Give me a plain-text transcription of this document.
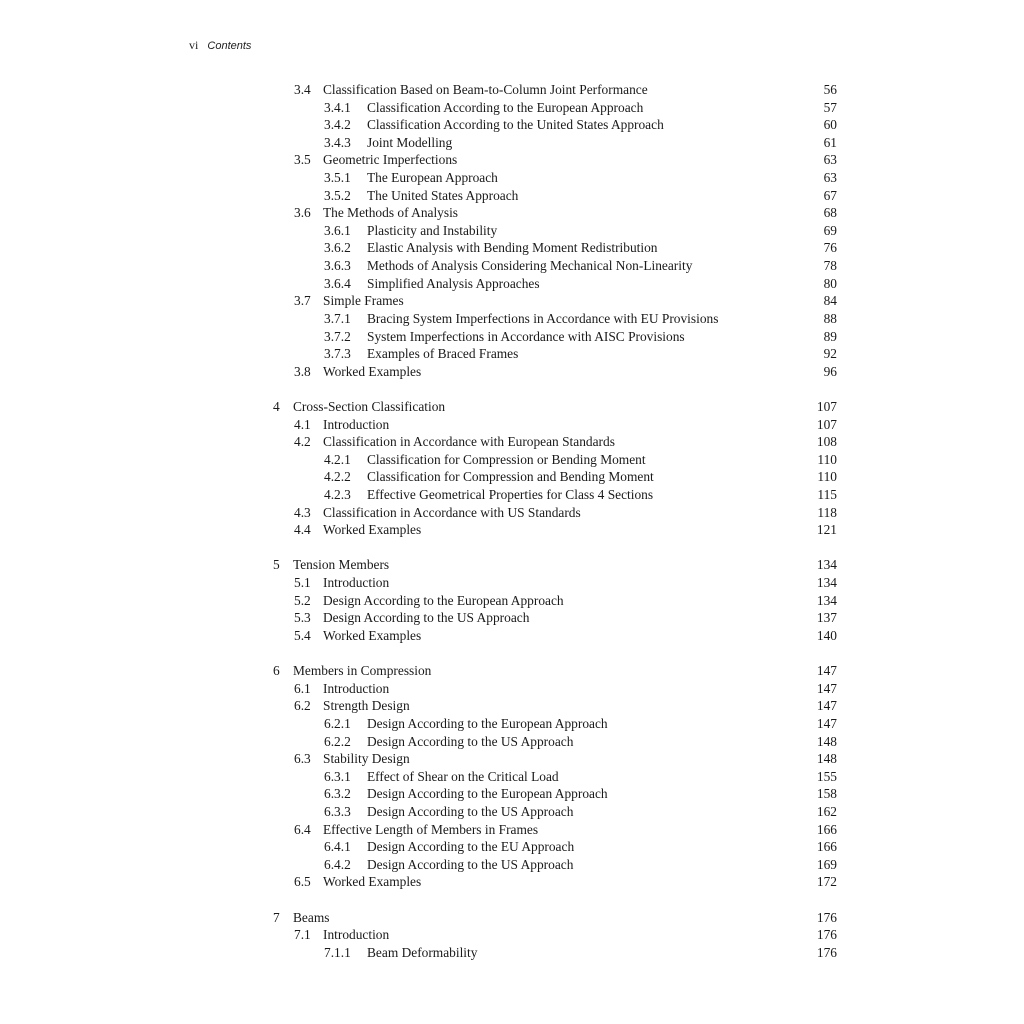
vi Contents
3.4 Classification Based on Beam-to-Column Joint Performance	56
3.4.1 Classification According to the European Approach	57
3.4.2 Classification According to the United States Approach	60
3.4.3 Joint Modelling	61
3.5 Geometric Imperfections	63
3.5.1 The European Approach	63
3.5.2 The United States Approach	67
3.6 The Methods of Analysis	68
3.6.1 Plasticity and Instability	69
3.6.2 Elastic Analysis with Bending Moment Redistribution	76
3.6.3 Methods of Analysis Considering Mechanical Non-Linearity	78
3.6.4 Simplified Analysis Approaches	80
3.7 Simple Frames	84
3.7.1 Bracing System Imperfections in Accordance with EU Provisions	88
3.7.2 System Imperfections in Accordance with AISC Provisions	89
3.7.3 Examples of Braced Frames	92
3.8 Worked Examples	96
4 Cross-Section Classification	107
4.1 Introduction	107
4.2 Classification in Accordance with European Standards	108
4.2.1 Classification for Compression or Bending Moment	110
4.2.2 Classification for Compression and Bending Moment	110
4.2.3 Effective Geometrical Properties for Class 4 Sections	115
4.3 Classification in Accordance with US Standards	118
4.4 Worked Examples	121
5 Tension Members	134
5.1 Introduction	134
5.2 Design According to the European Approach	134
5.3 Design According to the US Approach	137
5.4 Worked Examples	140
6 Members in Compression	147
6.1 Introduction	147
6.2 Strength Design	147
6.2.1 Design According to the European Approach	147
6.2.2 Design According to the US Approach	148
6.3 Stability Design	148
6.3.1 Effect of Shear on the Critical Load	155
6.3.2 Design According to the European Approach	158
6.3.3 Design According to the US Approach	162
6.4 Effective Length of Members in Frames	166
6.4.1 Design According to the EU Approach	166
6.4.2 Design According to the US Approach	169
6.5 Worked Examples	172
7 Beams	176
7.1 Introduction	176
7.1.1 Beam Deformability	176
